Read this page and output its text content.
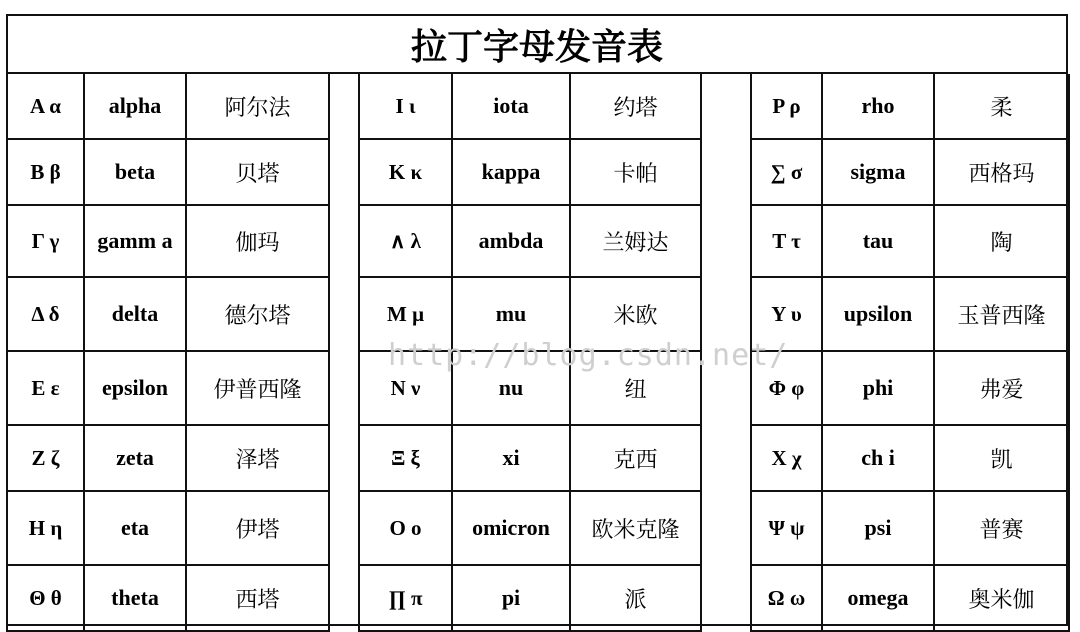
拉丁字母发音表
A α	alpha	阿尔法
B β	beta	贝塔
Γ γ	gamm a	伽玛
Δ δ	delta	德尔塔
E ε	epsilon	伊普西隆
Z ζ	zeta	泽塔
H η	eta	伊塔
Θ θ	theta	西塔
I ι	iota	约塔
K κ	kappa	卡帕
∧ λ	ambda	兰姆达
M μ	mu	米欧
N ν	nu	纽
Ξ ξ	xi	克西
O ο	omicron	欧米克隆
∏ π	pi	派
P ρ	rho	柔
∑ σ	sigma	西格玛
T τ	tau	陶
Y υ	upsilon	玉普西隆
Φ φ	phi	弗爱
X χ	ch i	凯
Ψ ψ	psi	普赛
Ω ω	omega	奥米伽
http://blog.csdn.net/
